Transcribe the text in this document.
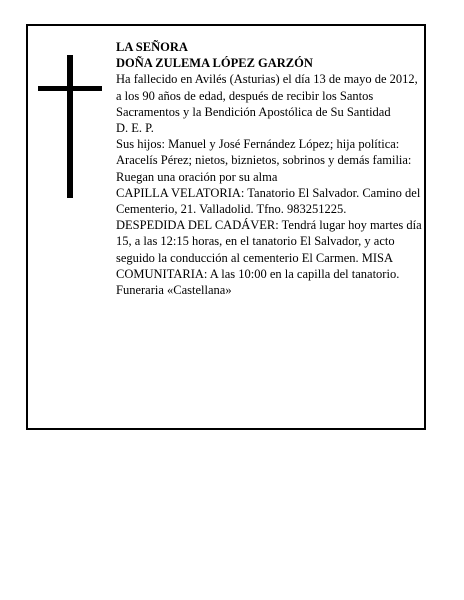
LA SEÑORA

DOÑA ZULEMA LÓPEZ GARZÓN

Ha fallecido en Avilés (Asturias) el día 13 de mayo de 2012, a los 90 años de edad, después de recibir los Santos Sacramentos y la Bendición Apostólica de Su Santidad

D. E. P.

Sus hijos: Manuel y José Fernández López; hija política: Aracelís Pérez; nietos, biznietos, sobrinos y demás familia:

Ruegan una oración por su alma

CAPILLA VELATORIA: Tanatorio El Salvador. Camino del Cementerio, 21. Valladolid. Tfno. 983251225.

DESPEDIDA DEL CADÁVER: Tendrá lugar hoy martes día 15, a las 12:15 horas, en el tanatorio El Salvador, y acto seguido la conducción al cementerio El Carmen. MISA COMUNITARIA: A las 10:00 en la capilla del tanatorio.

Funeraria «Castellana»
